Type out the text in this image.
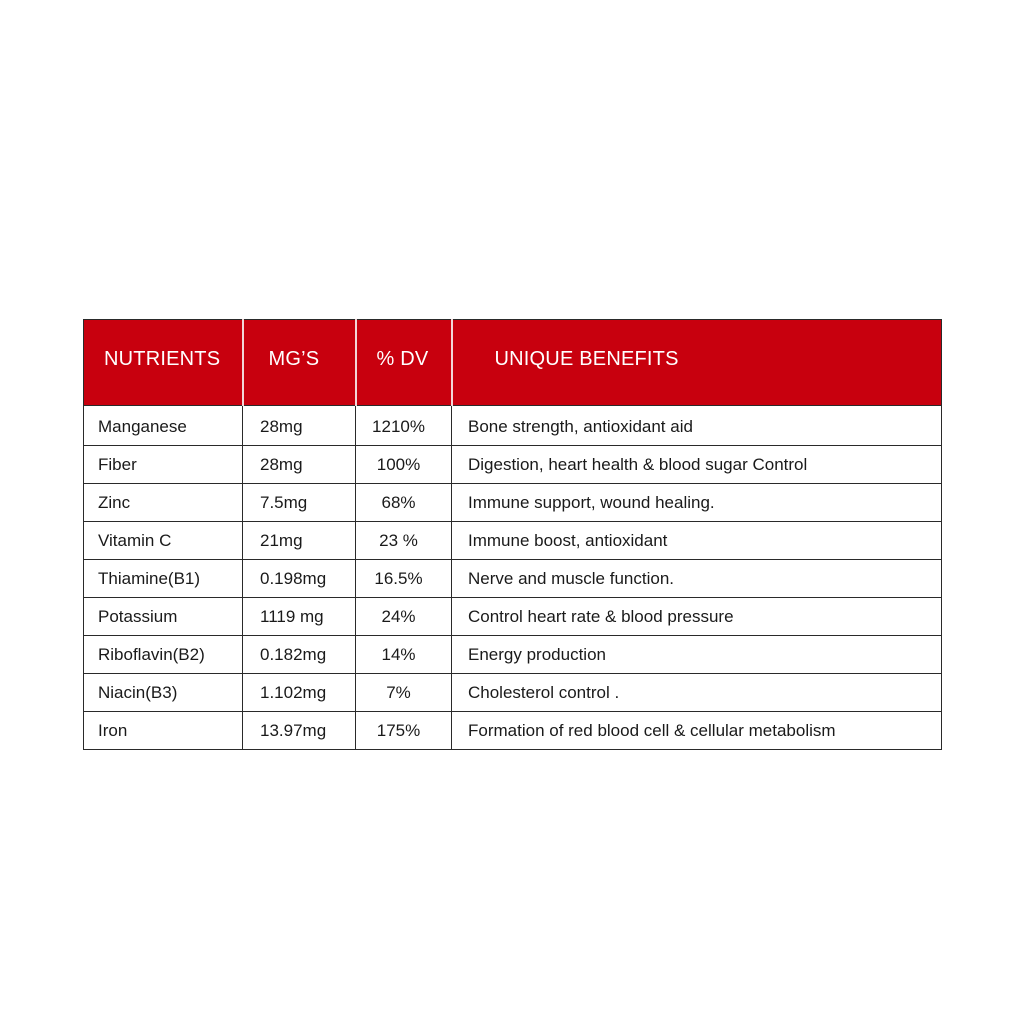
NUTRIENTS	MG’S	% DV	UNIQUE BENEFITS
Manganese	28mg	1210%	Bone strength, antioxidant aid
Fiber	28mg	100%	Digestion, heart health & blood sugar Control
Zinc	7.5mg	68%	Immune support, wound healing.
Vitamin C	21mg	23 %	Immune boost, antioxidant
Thiamine(B1)	0.198mg	16.5%	Nerve and muscle function.
Potassium	1119 mg	24%	Control heart rate & blood pressure
Riboflavin(B2)	0.182mg	14%	Energy production
Niacin(B3)	1.102mg	7%	Cholesterol control .
Iron	13.97mg	175%	Formation of red blood cell & cellular metabolism
